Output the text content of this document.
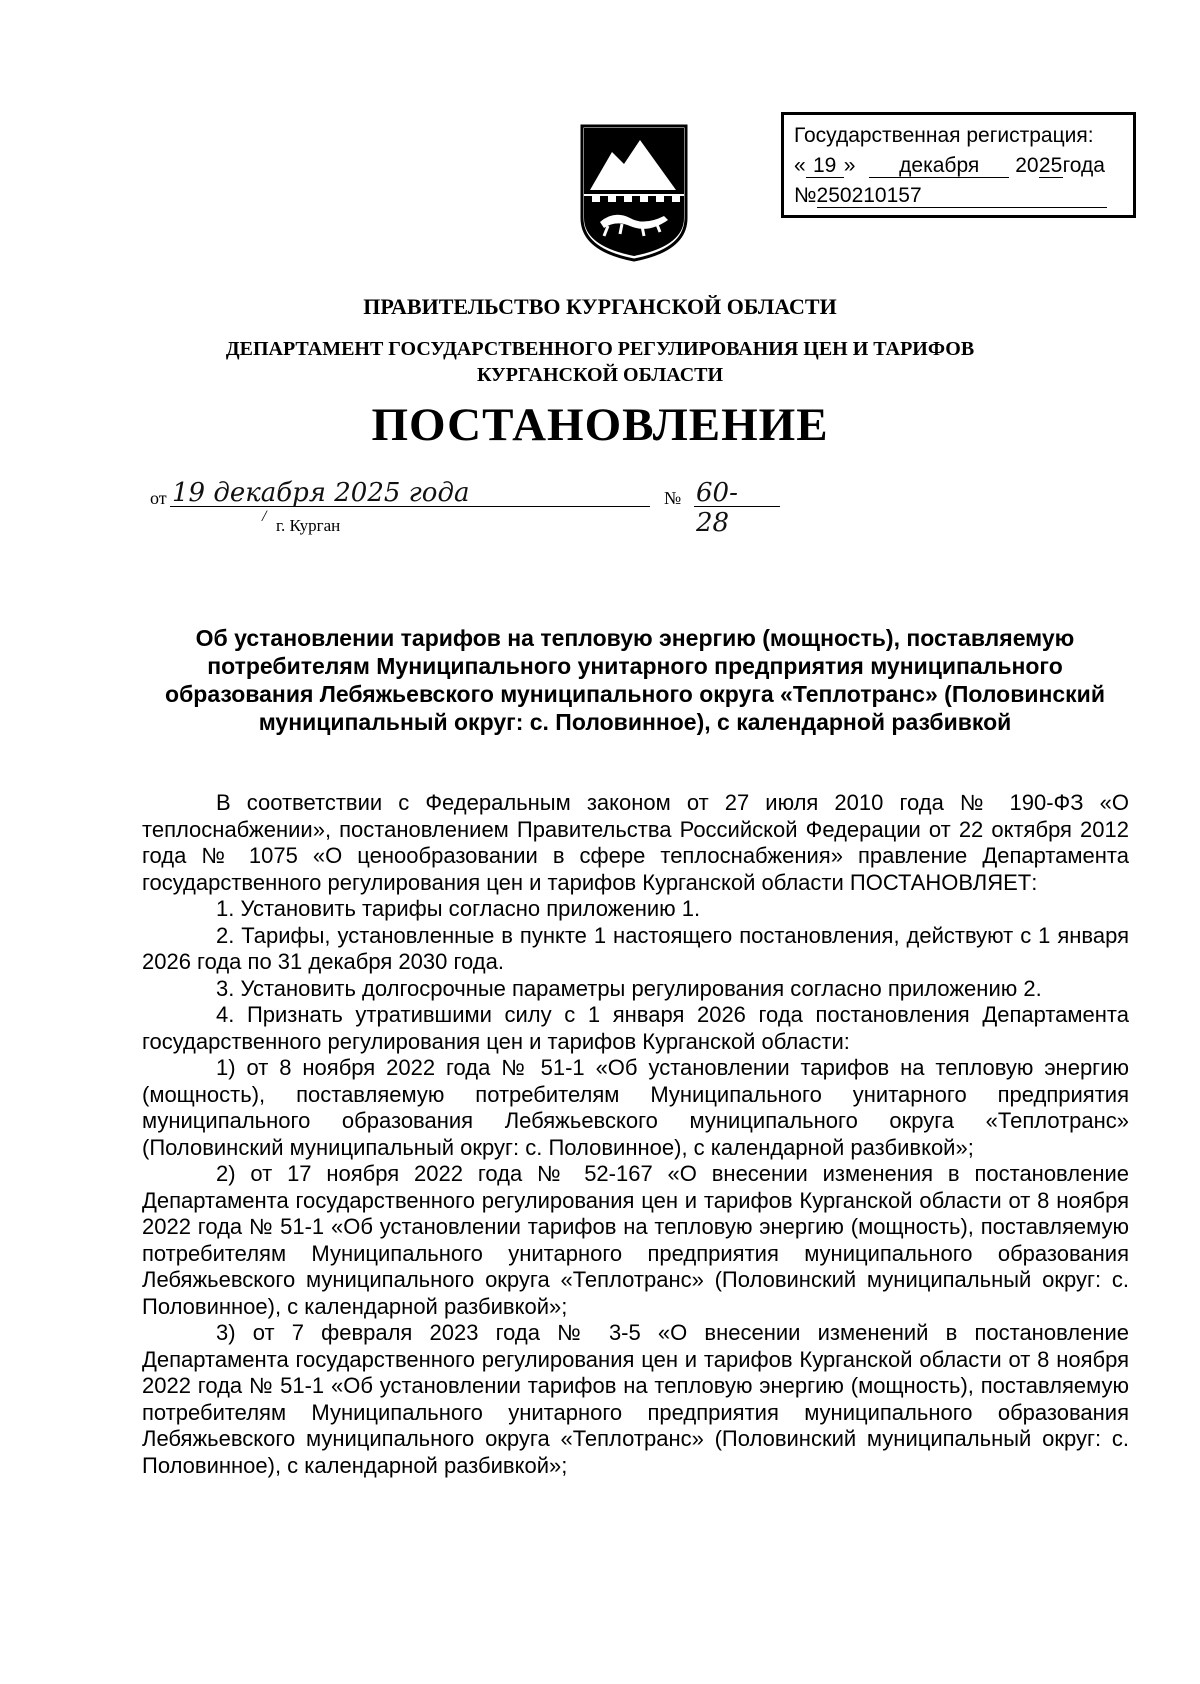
Государственная регистрация:
« 19 » декабря 2025года
№250210157
ПРАВИТЕЛЬСТВО КУРГАНСКОЙ ОБЛАСТИ
ДЕПАРТАМЕНТ ГОСУДАРСТВЕННОГО РЕГУЛИРОВАНИЯ ЦЕН И ТАРИФОВ
КУРГАНСКОЙ ОБЛАСТИ
ПОСТАНОВЛЕНИЕ
от 19 декабря 2025 года	№ 60-28
/ г. Курган
Об установлении тарифов на тепловую энергию (мощность), поставляемую потребителям Муниципального унитарного предприятия муниципального образования Лебяжьевского муниципального округа «Теплотранс» (Половинский муниципальный округ: с. Половинное), с календарной разбивкой

В соответствии с Федеральным законом от 27 июля 2010 года № 190-ФЗ «О теплоснабжении», постановлением Правительства Российской Федерации от 22 октября 2012 года № 1075 «О ценообразовании в сфере теплоснабжения» правление Департамента государственного регулирования цен и тарифов Курганской области ПОСТАНОВЛЯЕТ:

1. Установить тарифы согласно приложению 1.

2. Тарифы, установленные в пункте 1 настоящего постановления, действуют с 1 января 2026 года по 31 декабря 2030 года.

3. Установить долгосрочные параметры регулирования согласно приложению 2.

4. Признать утратившими силу с 1 января 2026 года постановления Департамента государственного регулирования цен и тарифов Курганской области:

1) от 8 ноября 2022 года № 51-1 «Об установлении тарифов на тепловую энергию (мощность), поставляемую потребителям Муниципального унитарного предприятия муниципального образования Лебяжьевского муниципального округа «Теплотранс» (Половинский муниципальный округ: с. Половинное), с календарной разбивкой»;

2) от 17 ноября 2022 года № 52-167 «О внесении изменения в постановление Департамента государственного регулирования цен и тарифов Курганской области от 8 ноября 2022 года № 51-1 «Об установлении тарифов на тепловую энергию (мощность), поставляемую потребителям Муниципального унитарного предприятия муниципального образования Лебяжьевского муниципального округа «Теплотранс» (Половинский муниципальный округ: с. Половинное), с календарной разбивкой»;

3) от 7 февраля 2023 года № 3-5 «О внесении изменений в постановление Департамента государственного регулирования цен и тарифов Курганской области от 8 ноября 2022 года № 51-1 «Об установлении тарифов на тепловую энергию (мощность), поставляемую потребителям Муниципального унитарного предприятия муниципального образования Лебяжьевского муниципального округа «Теплотранс» (Половинский муниципальный округ: с. Половинное), с календарной разбивкой»;
